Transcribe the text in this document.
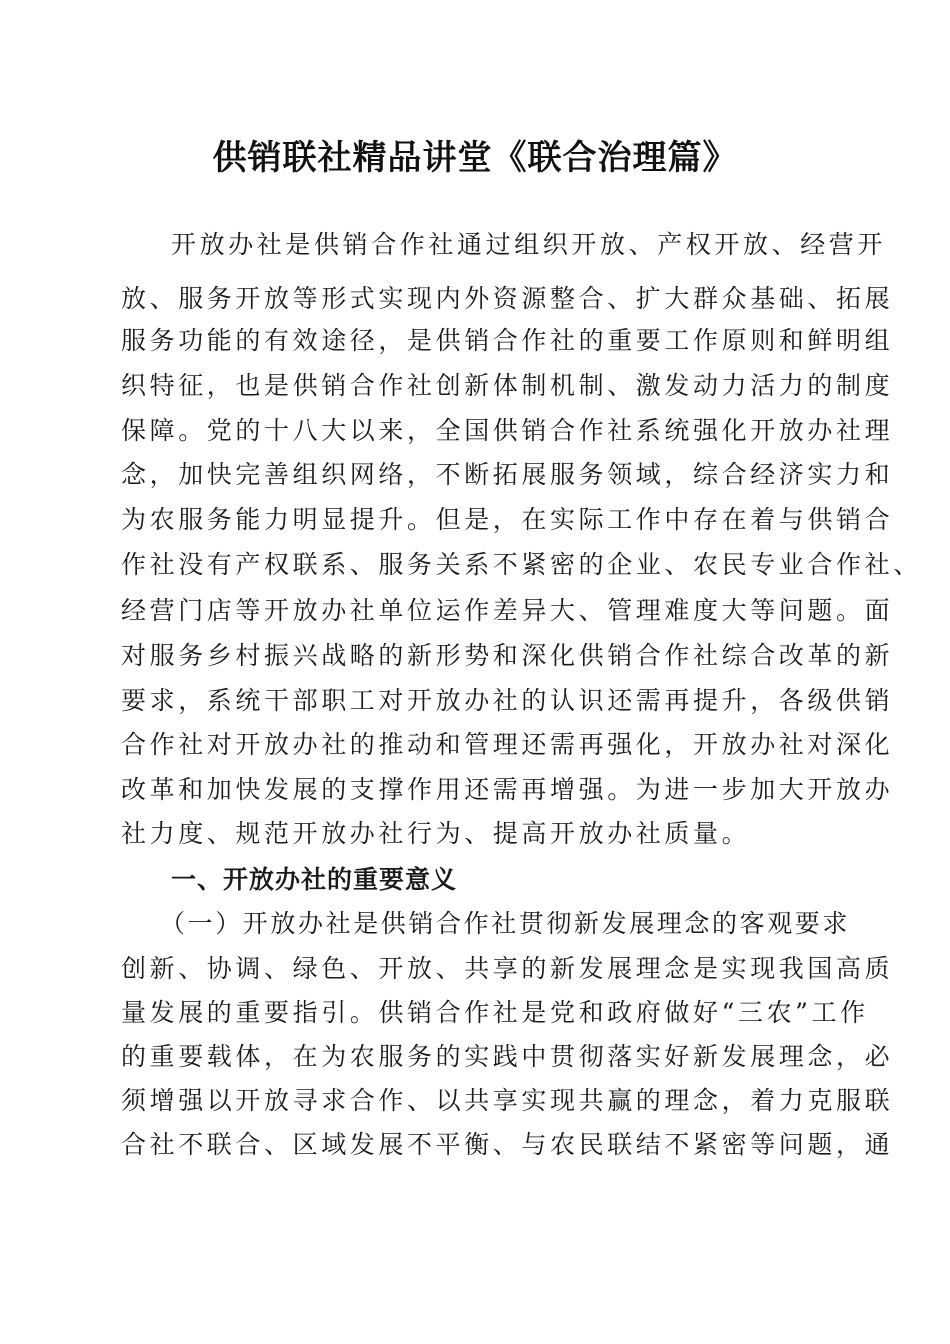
供销联社精品讲堂《联合治理篇》
开放办社是供销合作社通过组织开放、产权开放、经营开
放、服务开放等形式实现内外资源整合、扩大群众基础、拓展
服务功能的有效途径，是供销合作社的重要工作原则和鲜明组
织特征，也是供销合作社创新体制机制、激发动力活力的制度
保障。党的十八大以来，全国供销合作社系统强化开放办社理
念，加快完善组织网络，不断拓展服务领域，综合经济实力和
为农服务能力明显提升。但是，在实际工作中存在着与供销合
作社没有产权联系、服务关系不紧密的企业、农民专业合作社、
经营门店等开放办社单位运作差异大、管理难度大等问题。面
对服务乡村振兴战略的新形势和深化供销合作社综合改革的新
要求，系统干部职工对开放办社的认识还需再提升，各级供销
合作社对开放办社的推动和管理还需再强化，开放办社对深化
改革和加快发展的支撑作用还需再增强。为进一步加大开放办
社力度、规范开放办社行为、提高开放办社质量。
一、开放办社的重要意义
（一）开放办社是供销合作社贯彻新发展理念的客观要求
创新、协调、绿色、开放、共享的新发展理念是实现我国高质
量发展的重要指引。供销合作社是党和政府做好“三农”工作
的重要载体，在为农服务的实践中贯彻落实好新发展理念，必
须增强以开放寻求合作、以共享实现共赢的理念，着力克服联
合社不联合、区域发展不平衡、与农民联结不紧密等问题，通
